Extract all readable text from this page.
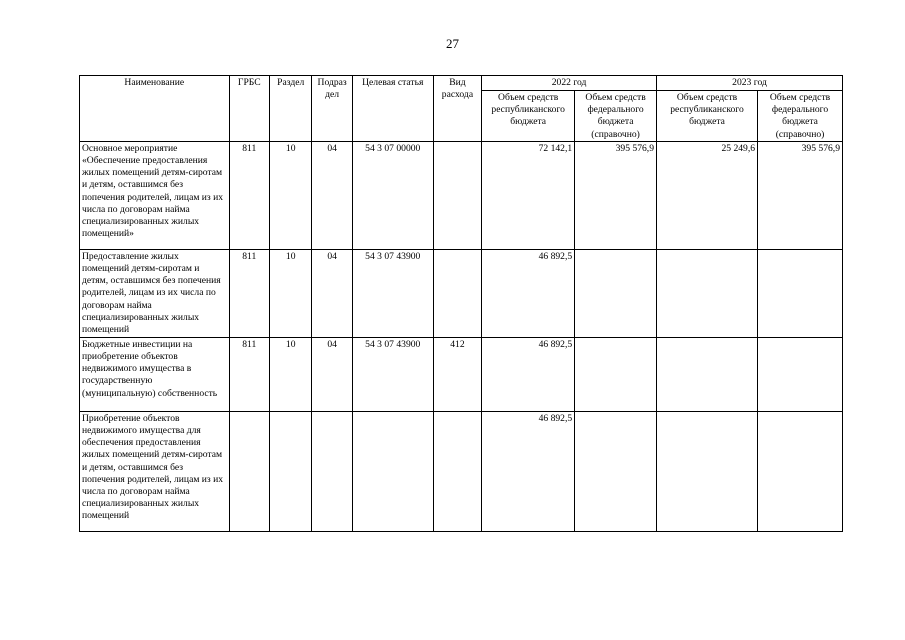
27
Наименование	ГРБС	Раздел	Подраз дел	Целевая статья	Вид расхода	2022 год		2023 год	
						Объем средств республиканского бюджета	Объем средств федерального бюджета (справочно)	Объем средств республиканского бюджета	Объем средств федерального бюджета (справочно)
Основное мероприятие «Обеспечение предоставления жилых помещений детям-сиротам и детям, оставшимся без попечения родителей, лицам из их числа по договорам найма специализированных жилых помещений»	811	10	04	54 3 07 00000		72 142,1	395 576,9	25 249,6	395 576,9
Предоставление жилых помещений детям-сиротам и детям, оставшимся без попечения родителей, лицам из их числа по договорам найма специализированных жилых помещений	811	10	04	54 3 07 43900		46 892,5			
Бюджетные инвестиции на приобретение объектов недвижимого имущества в государственную (муниципальную) собственность	811	10	04	54 3 07 43900	412	46 892,5			
Приобретение объектов недвижимого имущества для обеспечения предоставления жилых помещений детям-сиротам и детям, оставшимся без попечения родителей, лицам из их числа по договорам найма специализированных жилых помещений						46 892,5			
